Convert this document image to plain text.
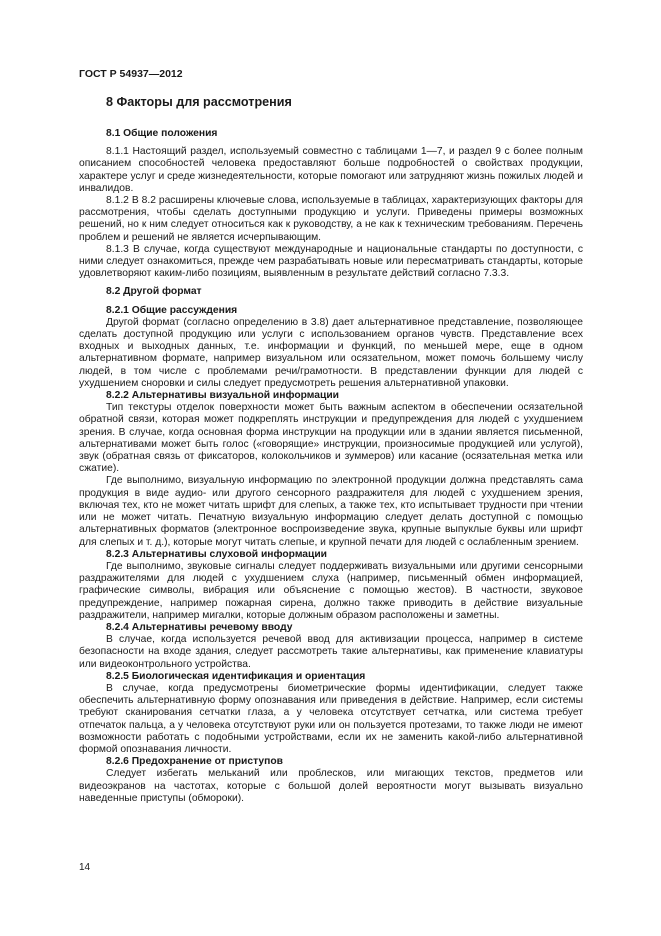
ГОСТ Р 54937—2012
8 Факторы для рассмотрения
8.1 Общие положения

8.1.1 Настоящий раздел, используемый совместно с таблицами 1—7, и раздел 9 с более полным описанием способностей человека предоставляют больше подробностей о свойствах продукции, характере услуг и среде жизнедеятельности, которые помогают или затрудняют жизнь пожилых людей и инвалидов.

8.1.2 В 8.2 расширены ключевые слова, используемые в таблицах, характеризующих факторы для рассмотрения, чтобы сделать доступными продукцию и услуги. Приведены примеры возможных решений, но к ним следует относиться как к руководству, а не как к техническим требованиям. Перечень проблем и решений не является исчерпывающим.

8.1.3 В случае, когда существуют международные и национальные стандарты по доступности, с ними следует ознакомиться, прежде чем разрабатывать новые или пересматривать стандарты, которые удовлетворяют каким-либо позициям, выявленным в результате действий согласно 7.3.3.

8.2 Другой формат
8.2.1 Общие рассуждения

Другой формат (согласно определению в 3.8) дает альтернативное представление, позволяющее сделать доступной продукцию или услуги с использованием органов чувств. Представление всех входных и выходных данных, т.е. информации и функций, по меньшей мере, еще в одном альтернативном формате, например визуальном или осязательном, может помочь большему числу людей, в том числе с проблемами речи/грамотности. В представлении функции для людей с ухудшением сноровки и силы следует предусмотреть решения альтернативной упаковки.

8.2.2 Альтернативы визуальной информации

Тип текстуры отделок поверхности может быть важным аспектом в обеспечении осязательной обратной связи, которая может подкреплять инструкции и предупреждения для людей с ухудшением зрения. В случае, когда основная форма инструкции на продукции или в здании является письменной, альтернативами может быть голос («говорящие» инструкции, произносимые продукцией или услугой), звук (обратная связь от фиксаторов, колокольчиков и зуммеров) или касание (осязательная метка или сжатие).

Где выполнимо, визуальную информацию по электронной продукции должна представлять сама продукция в виде аудио- или другого сенсорного раздражителя для людей с ухудшением зрения, включая тех, кто не может читать шрифт для слепых, а также тех, кто испытывает трудности при чтении или не может читать. Печатную визуальную информацию следует делать доступной с помощью альтернативных форматов (электронное воспроизведение звука, крупные выпуклые буквы или шрифт для слепых и т. д.), которые могут читать слепые, и крупной печати для людей с ослабленным зрением.

8.2.3 Альтернативы слуховой информации

Где выполнимо, звуковые сигналы следует поддерживать визуальными или другими сенсорными раздражителями для людей с ухудшением слуха (например, письменный обмен информацией, графические символы, вибрация или объяснение с помощью жестов). В частности, звуковое предупреждение, например пожарная сирена, должно также приводить в действие визуальные раздражители, например мигалки, которые должным образом расположены и заметны.

8.2.4 Альтернативы речевому вводу

В случае, когда используется речевой ввод для активизации процесса, например в системе безопасности на входе здания, следует рассмотреть такие альтернативы, как применение клавиатуры или видеоконтрольного устройства.

8.2.5 Биологическая идентификация и ориентация

В случае, когда предусмотрены биометрические формы идентификации, следует также обеспечить альтернативную форму опознавания или приведения в действие. Например, если системы требуют сканирования сетчатки глаза, а у человека отсутствует сетчатка, или система требует отпечаток пальца, а у человека отсутствуют руки или он пользуется протезами, то также люди не имеют возможности работать с подобными устройствами, если их не заменить какой-либо альтернативной формой опознавания личности.

8.2.6 Предохранение от приступов

Следует избегать мельканий или проблесков, или мигающих текстов, предметов или видеоэкранов на частотах, которые с большой долей вероятности могут вызывать визуально наведенные приступы (обмороки).

14
